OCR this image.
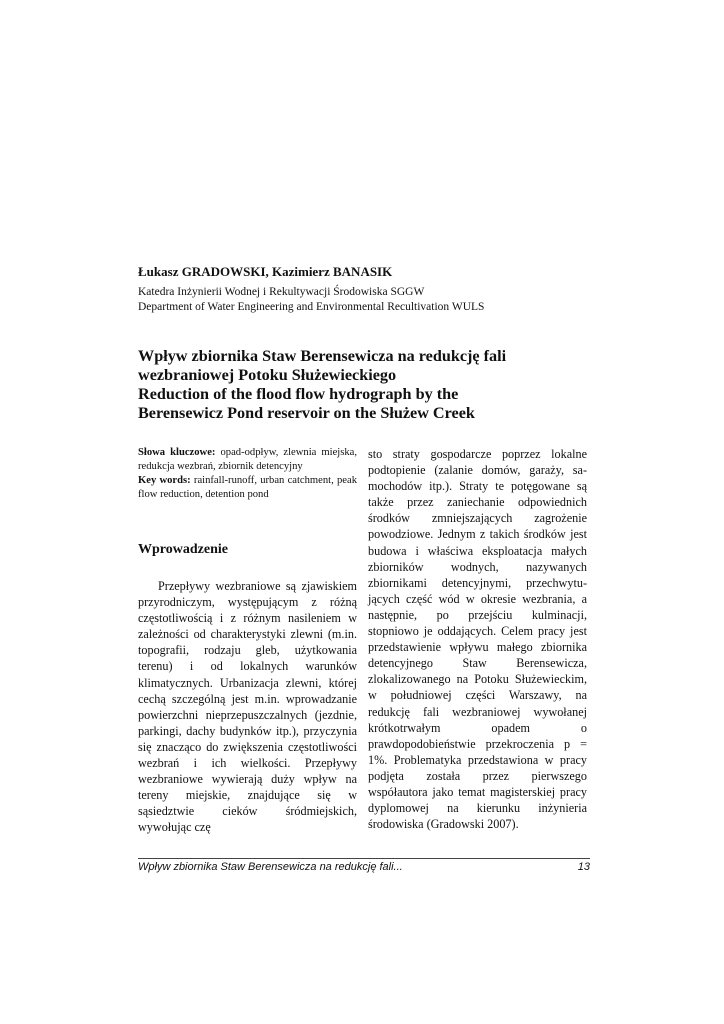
Łukasz GRADOWSKI, Kazimierz BANASIK
Katedra Inżynierii Wodnej i Rekultywacji Środowiska SGGW
Department of Water Engineering and Environmental Recultivation WULS
Wpływ zbiornika Staw Berensewicza na redukcję fali
wezbraniowej Potoku Służewieckiego
Reduction of the flood flow hydrograph by the
Berensewicz Pond reservoir on the Służew Creek
Słowa kluczowe: opad-odpływ, zlewnia miejska, redukcja wezbrań, zbiornik detencyjny
Key words: rainfall-runoff, urban catchment, peak flow reduction, detention pond
Wprowadzenie
Przepływy wezbraniowe są zjawiskiem przyrodniczym, występującym z różną częstotliwością i z różnym nasileniem w zależności od charakterystyki zlewni (m.in. topografii, rodzaju gleb, użytkowania terenu) i od lokalnych warunków klimatycznych. Urbanizacja zlewni, której cechą szczególną jest m.in. wprowadzanie powierzchni nieprzepuszczalnych (jezdnie, parkingi, dachy budynków itp.), przyczynia się znacząco do zwiększenia częstotliwości wezbrań i ich wielkości. Przepływy wezbraniowe wywierają duży wpływ na tereny miejskie, znajdujące się w sąsiedztwie cieków śródmiejskich, wywołując czę
sto straty gospodarcze poprzez lokalne podtopienie (zalanie domów, garaży, samochodów itp.). Straty te potęgowane są także przez zaniechanie odpowiednich środków zmniejszających zagrożenie powodziowe. Jednym z takich środków jest budowa i właściwa eksploatacja małych zbiorników wodnych, nazywanych zbiornikami detencyjnymi, przechwytujących część wód w okresie wezbrania, a następnie, po przejściu kulminacji, stopniowo je oddających. Celem pracy jest przedstawienie wpływu małego zbiornika detencyjnego Staw Berensewicza, zlokalizowanego na Potoku Służewieckim, w południowej części Warszawy, na redukcję fali wezbraniowej wywołanej krótkotrwałym opadem o prawdopodobieństwie przekroczenia p = 1%. Problematyka przedstawiona w pracy podjęta została przez pierwszego współautora jako temat magisterskiej pracy dyplomowej na kierunku inżynieria środowiska (Gradowski 2007).
Wpływ zbiornika Staw Berensewicza na redukcję fali...	13
